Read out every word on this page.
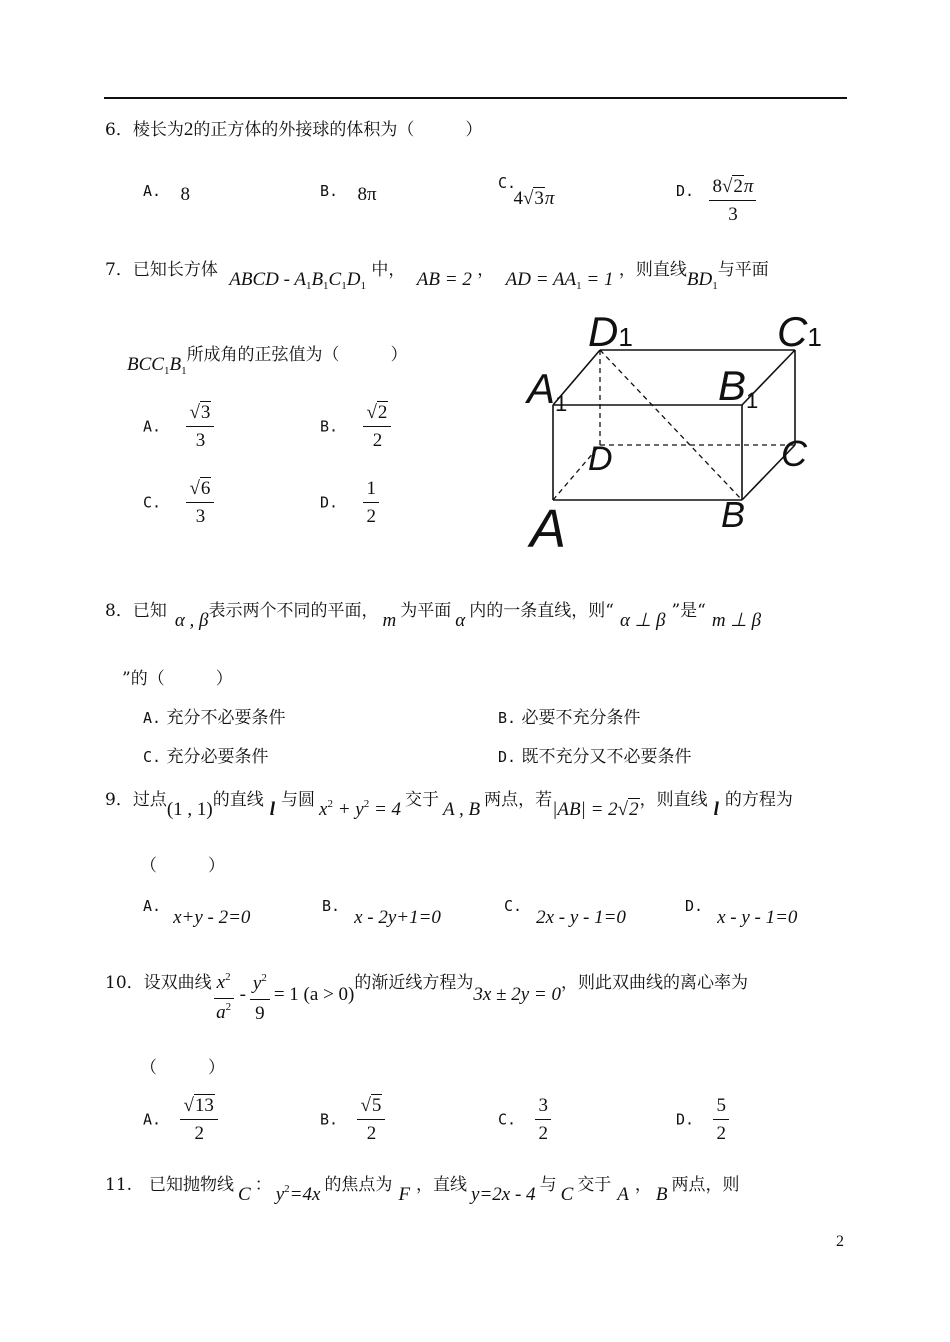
6．棱长为2的正方体的外接球的体积为（　　　）
A. 8	B. 8π
C. 4√3π	D. $\frac{8√2\pi}{3}$
7．已知长方体 ABCD - $A_1B_1C_1D_1$ 中， AB = 2 ， AD = $AA_1 = 1$ ，则直线$BD_1$与平面
$BCC_1B_1$所成角的正弦值为（　　　）
A. $\frac{√3}{3}$	B. $\frac{√2}{2}$
C. $\frac{√6}{3}$	D. $\frac{1}{2}$
D1	C1
A1	B1
D	C
A	B
8．已知 α , β表示两个不同的平面， m 为平面 α 内的一条直线，则“ α ⊥ β ”是“ m ⊥ β
”的（　　　）
A. 充分不必要条件	B. 必要不充分条件
C. 充分必要条件	D. 既不充分又不必要条件
9．过点(1 , 1)的直线 l 与圆 $x^2 + y^2 = 4$ 交于 A , B 两点，若|AB| = 2√2，则直线 l 的方程为
（　　　）
A.x+y - 2=0
B.x - 2y+1=0
C.2x - y - 1=0
D.x - y - 1=0
10．设双曲线 $\frac{x^2}{a^2} - \frac{y^2}{9} = 1$ (a > 0)的渐近线方程为3x ± 2y = 0，则此双曲线的离心率为
（　　　）
A. $\frac{√13}{2}$	B. $\frac{√5}{2}$	C. $\frac{3}{2}$	D. $\frac{5}{2}$
11.　已知抛物线 C ： $y^2=4x$ 的焦点为 F ，直线 y=2x - 4 与 C 交于 A ， B 两点，则
2
